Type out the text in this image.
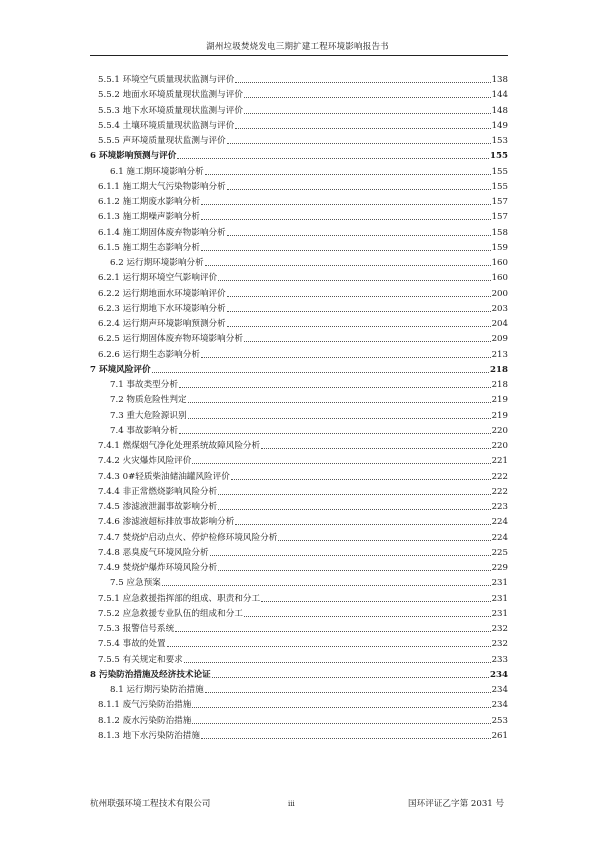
湖州垃圾焚烧发电三期扩建工程环境影响报告书
5.5.1 环境空气质量现状监测与评价	138
5.5.2 地面水环境质量现状监测与评价	144
5.5.3 地下水环境质量现状监测与评价	148
5.5.4 土壤环境质量现状监测与评价	149
5.5.5 声环境质量现状监测与评价	153
6 环境影响预测与评价	155
6.1 施工期环境影响分析	155
6.1.1 施工期大气污染物影响分析	155
6.1.2 施工期废水影响分析	157
6.1.3 施工期噪声影响分析	157
6.1.4 施工期固体废弃物影响分析	158
6.1.5 施工期生态影响分析	159
6.2 运行期环境影响分析	160
6.2.1 运行期环境空气影响评价	160
6.2.2 运行期地面水环境影响评价	200
6.2.3 运行期地下水环境影响分析	203
6.2.4 运行期声环境影响预测分析	204
6.2.5 运行期固体废弃物环境影响分析	209
6.2.6 运行期生态影响分析	213
7 环境风险评价	218
7.1 事故类型分析	218
7.2 物质危险性判定	219
7.3 重大危险源识别	219
7.4 事故影响分析	220
7.4.1 燃煤烟气净化处理系统故障风险分析	220
7.4.2 火灾爆炸风险评价	221
7.4.3 0#轻质柴油储油罐风险评价	222
7.4.4 非正常燃烧影响风险分析	222
7.4.5 渗滤液泄漏事故影响分析	223
7.4.6 渗滤液超标排放事故影响分析	224
7.4.7 焚烧炉启动点火、停炉检修环境风险分析	224
7.4.8 恶臭废气环境风险分析	225
7.4.9 焚烧炉爆炸环境风险分析	229
7.5 应急预案	231
7.5.1 应急救援指挥部的组成、职责和分工	231
7.5.2 应急救援专业队伍的组成和分工	231
7.5.3 报警信号系统	232
7.5.4 事故的处置	232
7.5.5 有关规定和要求	233
8 污染防治措施及经济技术论证	234
8.1 运行期污染防治措施	234
8.1.1 废气污染防治措施	234
8.1.2 废水污染防治措施	253
8.1.3 地下水污染防治措施	261
杭州联强环境工程技术有限公司	iii	国环评证乙字第 2031 号
